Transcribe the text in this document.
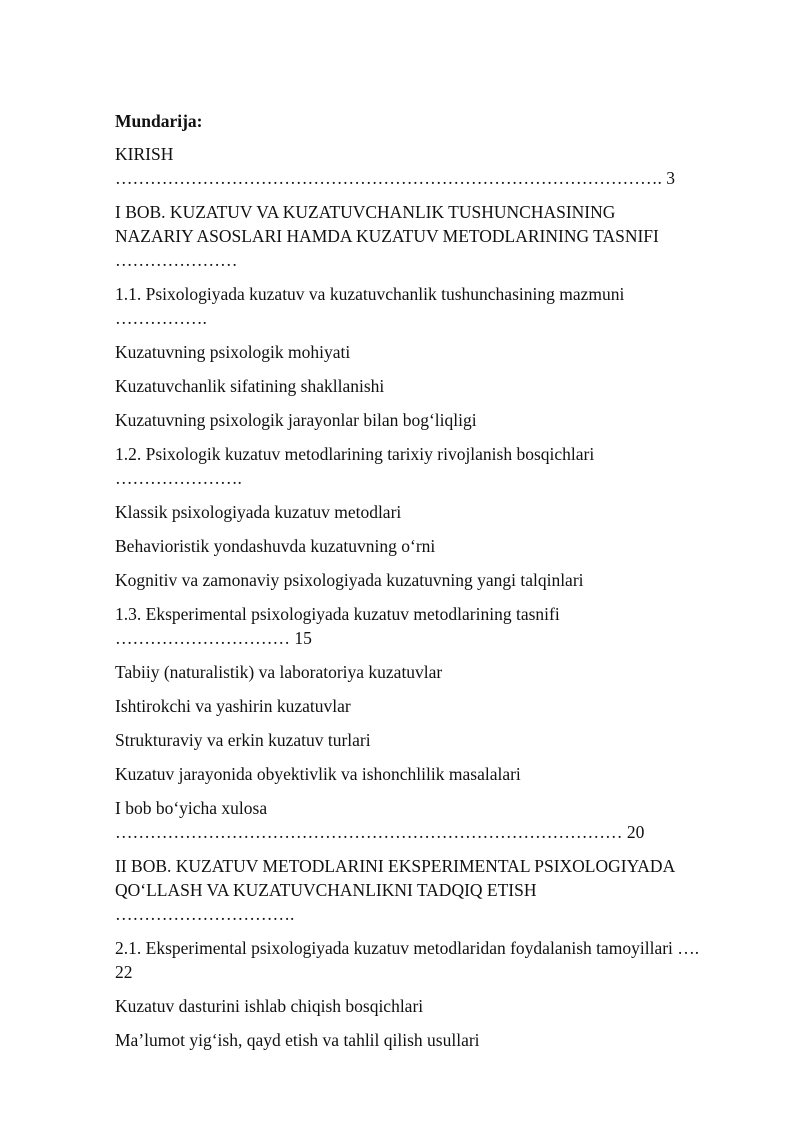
Mundarija:
KIRISH
…………………………………………………………………………………. 3
I BOB. KUZATUV VA KUZATUVCHANLIK TUSHUNCHASINING
NAZARIY ASOSLARI HAMDA KUZATUV METODLARINING TASNIFI
…………………
1.1. Psixologiyada kuzatuv va kuzatuvchanlik tushunchasining mazmuni
…………….
Kuzatuvning psixologik mohiyati
Kuzatuvchanlik sifatining shakllanishi
Kuzatuvning psixologik jarayonlar bilan bog‘liqligi
1.2. Psixologik kuzatuv metodlarining tarixiy rivojlanish bosqichlari
………………….
Klassik psixologiyada kuzatuv metodlari
Behavioristik yondashuvda kuzatuvning o‘rni
Kognitiv va zamonaviy psixologiyada kuzatuvning yangi talqinlari
1.3. Eksperimental psixologiyada kuzatuv metodlarining tasnifi
………………………… 15
Tabiiy (naturalistik) va laboratoriya kuzatuvlar
Ishtirokchi va yashirin kuzatuvlar
Strukturaviy va erkin kuzatuv turlari
Kuzatuv jarayonida obyektivlik va ishonchlilik masalalari
I bob bo‘yicha xulosa
…………………………………………………………………………… 20
II BOB. KUZATUV METODLARINI EKSPERIMENTAL PSIXOLOGIYADA
QO‘LLASH VA KUZATUVCHANLIKNI TADQIQ ETISH
………………………….
2.1. Eksperimental psixologiyada kuzatuv metodlaridan foydalanish tamoyillari ….
22
Kuzatuv dasturini ishlab chiqish bosqichlari
Ma’lumot yig‘ish, qayd etish va tahlil qilish usullari
